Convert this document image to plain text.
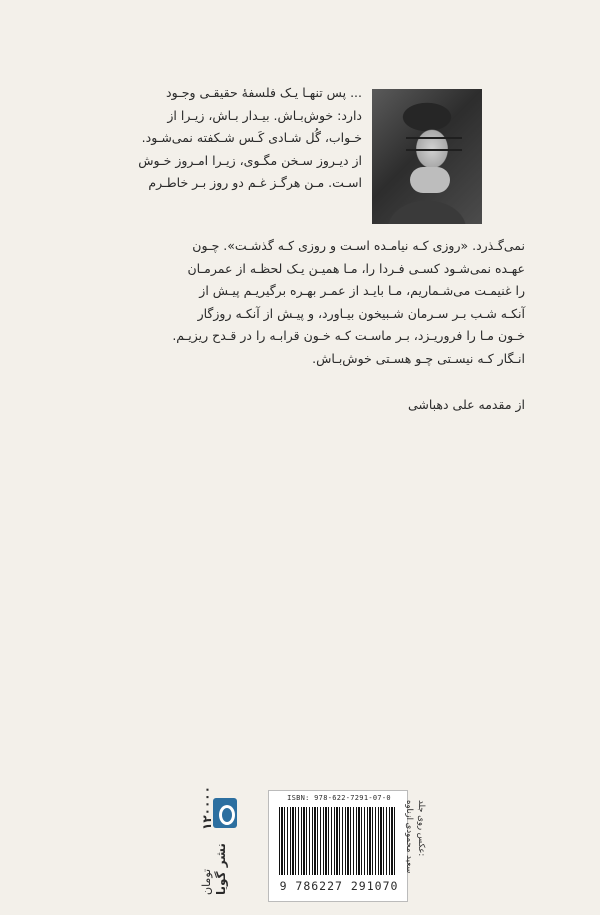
... پس تنهـا یـک فلسفهٔ حقیقـی وجـود

دارد: خوش‌بـاش. بیـدار بـاش، زیـرا از

خـواب، گُل شـادی کَـس شـکفته نمی‌شـود.

از دیـروز سـخن مگـوی، زیـرا امـروز خـوش

اسـت. مـن هرگـز غـم دو روز بـر خاطـرم

نمی‌گـذرد. «روزی کـه نیامـده اسـت و روزی کـه گذشـت». چـون

عهـده نمی‌شـود کسـی فـردا را، مـا همیـن یـک لحظـه از عمرمـان

را غنیمـت می‌شـماریم، مـا بایـد از عمـر بهـره برگیریـم پیـش از

آنکـه شـب بـر سـرمان شـبیخون بیـاورد، و پیـش از آنکـه روزگار

خـون مـا را فروریـزد، بـر ماسـت کـه خـون قرابـه را در قـدح ریزیـم.

انـگار کـه نیسـتی چـو هسـتی خوش‌بـاش.

از مقدمه علی دهباشی
ISBN: 978-622-7291-07-0
9 786227 291070
عکس روی جلد:
سعید محمودی ازناوه
نشر گویا
۱۲۰۰۰۰
تومان
